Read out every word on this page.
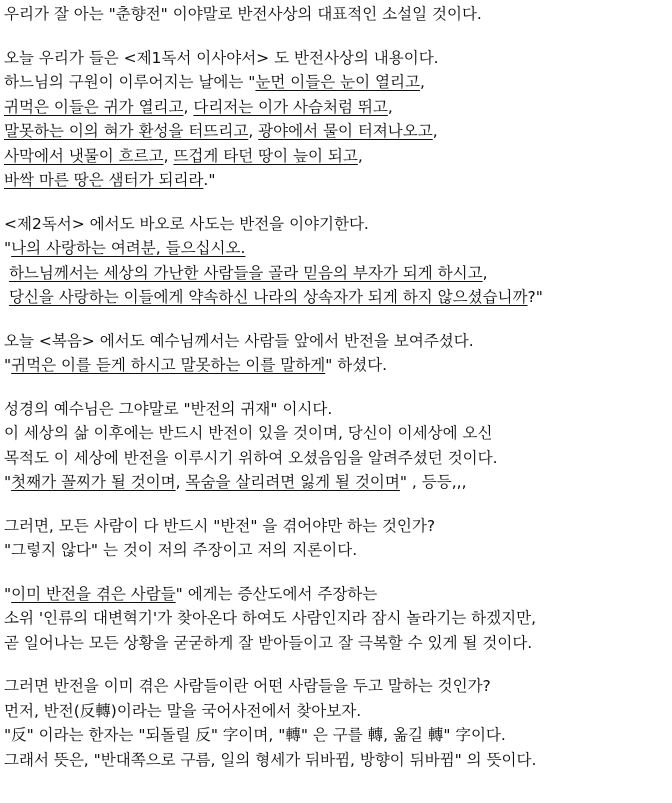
우리가 잘 아는 "춘향전" 이야말로 반전사상의 대표적인 소설일 것이다.
오늘 우리가 들은 <제1독서 이사야서> 도 반전사상의 내용이다.
하느님의 구원이 이루어지는 날에는 "눈먼 이들은 눈이 열리고,
귀먹은 이들은 귀가 열리고, 다리저는 이가 사슴처럼 뛰고,
말못하는 이의 혀가 환성을 터뜨리고, 광야에서 물이 터져나오고,
사막에서 냇물이 흐르고, 뜨겁게 타던 땅이 늪이 되고,
바싹 마른 땅은 샘터가 되리라."
<제2독서> 에서도 바오로 사도는 반전을 이야기한다.
"나의 사랑하는 여려분, 들으십시오.
하느님께서는 세상의 가난한 사람들을 골라 믿음의 부자가 되게 하시고,
당신을 사랑하는 이들에게 약속하신 나라의 상속자가 되게 하지 않으셨습니까?"
오늘 <복음> 에서도 예수님께서는 사람들 앞에서 반전을 보여주셨다.
"귀먹은 이를 듣게 하시고 말못하는 이를 말하게" 하셨다.
성경의 예수님은 그야말로 "반전의 귀재" 이시다.
이 세상의 삶 이후에는 반드시 반전이 있을 것이며, 당신이 이세상에 오신
목적도 이 세상에 반전을 이루시기 위하여 오셨음임을 알려주셨던 것이다.
"첫째가 꼴찌가 될 것이며, 목숨을 살리려면 잃게 될 것이며" , 등등,,,
그러면, 모든 사람이 다 반드시 "반전" 을 겪어야만 하는 것인가?
"그렇지 않다" 는 것이 저의 주장이고 저의 지론이다.
"이미 반전을 겪은 사람들" 에게는 증산도에서 주장하는
소위 '인류의 대변혁기'가 찾아온다 하여도 사람인지라 잠시 놀라기는 하겠지만,
곧 일어나는 모든 상황을 굳굳하게 잘 받아들이고 잘 극복할 수 있게 될 것이다.
그러면 반전을 이미 겪은 사람들이란 어떤 사람들을 두고 말하는 것인가?
먼저, 반전(反轉)이라는 말을 국어사전에서 찾아보자.
"反" 이라는 한자는 "되돌릴 反" 字이며, "轉" 은 구를 轉, 옮길 轉" 字이다.
그래서 뜻은, "반대쪽으로 구름, 일의 형세가 뒤바뀜, 방향이 뒤바뀜" 의 뜻이다.
